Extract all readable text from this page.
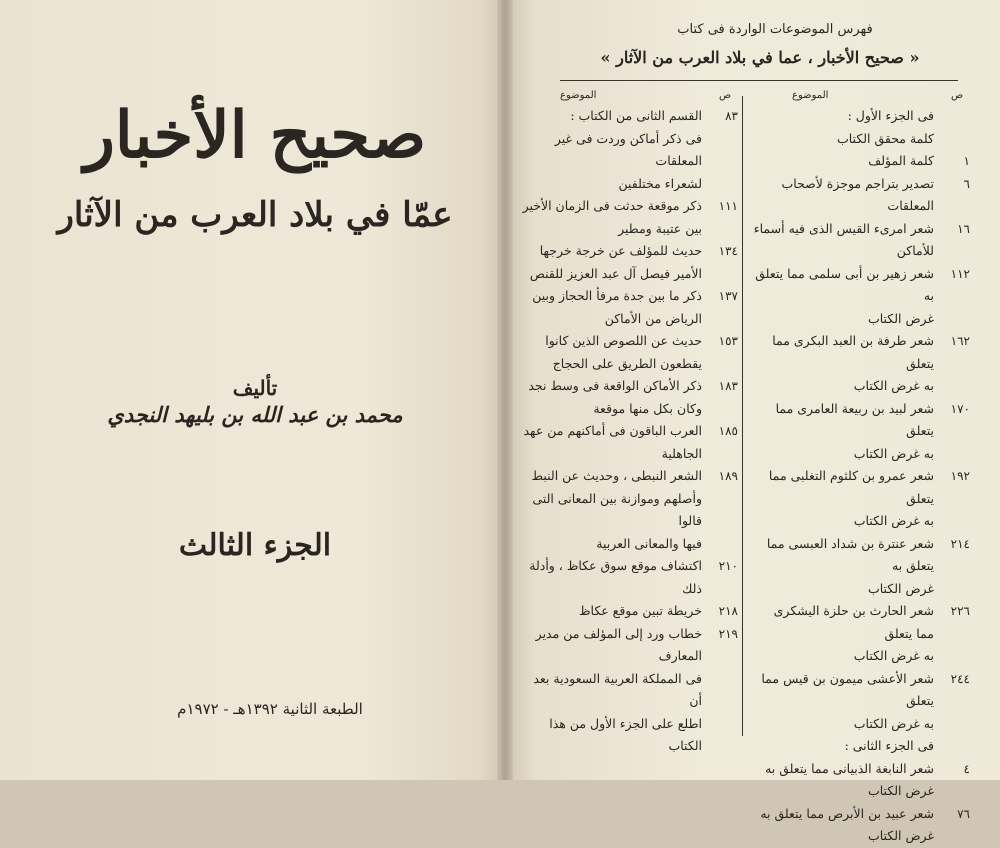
صحيح الأخبار
عمّا في بلاد العرب من الآثار
تأليف
محمد بن عبد الله بن بليهد النجدي
الجزء الثالث
الطبعة الثانية ١٣٩٢هـ - ١٩٧٢م
فهرس الموضوعات الواردة فى كتاب
« صحيح الأخبار ، عما في بلاد العرب من الآثار »
ص
الموضوع
فى الجزء الأول :
كلمة محقق الكتاب
١
كلمة المؤلف
٦
تصدير بتراجم موجزة لأصحاب المعلقات
١٦
شعر امرىء القيس الذى فيه أسماء للأماكن
١١٢
شعر زهير بن أبى سلمى مما يتعلق به
غرض الكتاب
١٦٢
شعر طرفة بن العبد البكرى مما يتعلق
به غرض الكتاب
١٧٠
شعر لبيد بن ربيعة العامرى مما يتعلق
به غرض الكتاب
١٩٢
شعر عمرو بن كلثوم التغلبى مما يتعلق
به غرض الكتاب
٢١٤
شعر عنترة بن شداد العبسى مما يتعلق به
غرض الكتاب
٢٢٦
شعر الحارث بن حلزة اليشكرى مما يتعلق
به غرض الكتاب
٢٤٤
شعر الأعشى ميمون بن قيس مما يتعلق
به غرض الكتاب
فى الجزء الثانى :
٤
شعر النابغة الذبيانى مما يتعلق به
غرض الكتاب
٧٦
شعر عبيد بن الأبرص مما يتعلق به
غرض الكتاب
ص
الموضوع
٨٣
القسم الثانى من الكتاب :
فى ذكر أماكن وردت فى غير المعلقات
لشعراء مختلفين
١١١
ذكر موقعة حدثت فى الزمان الأخير
بين عتيبة ومطير
١٣٤
حديث للمؤلف عن خرجة خرجها
الأمير فيصل آل عبد العزيز للقنص
١٣٧
ذكر ما بين جدة مرفأ الحجاز وبين
الرياض من الأماكن
١٥٣
حديث عن اللصوص الذين كانوا
يقطعون الطريق على الحجاج
١٨٣
ذكر الأماكن الواقعة فى وسط نجد
وكان بكل منها موقعة
١٨٥
العرب الباقون فى أماكنهم من عهد
الجاهلية
١٨٩
الشعر النبطى ، وحديث عن النبط
وأصلهم وموازنة بين المعانى التى قالوا
فيها والمعانى العربية
٢١٠
اكتشاف موقع سوق عكاظ ، وأدلة ذلك
٢١٨
خريطة تبين موقع عكاظ
٢١٩
خطاب ورد إلى المؤلف من مدير المعارف
فى المملكة العربية السعودية بعد أن
اطلع على الجزء الأول من هذا الكتاب
